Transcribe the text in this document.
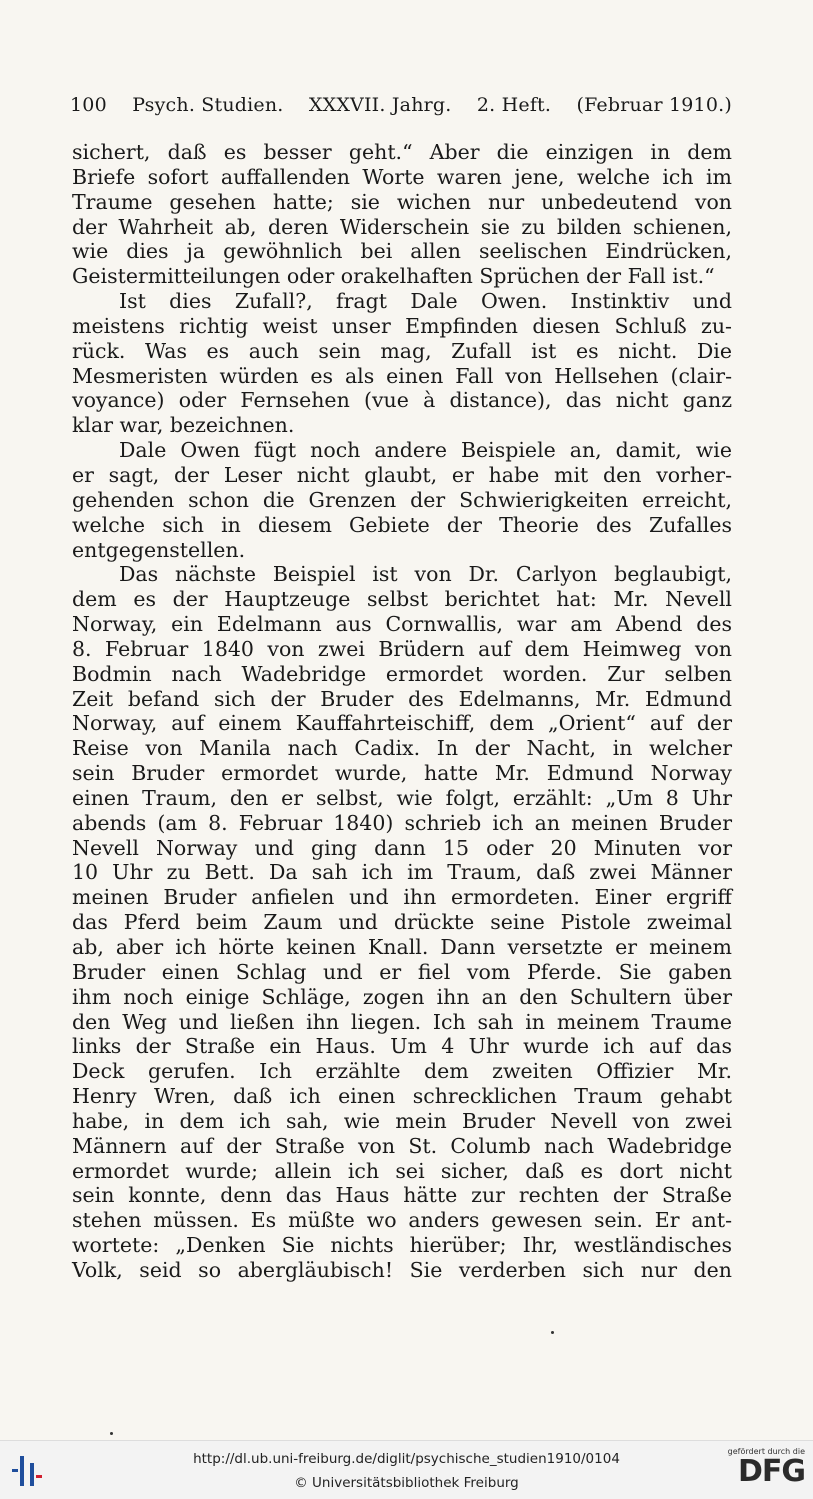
100 Psych. Studien. XXXVII. Jahrg. 2. Heft. (Februar 1910.)
sichert, daß es besser geht.“ Aber die einzigen in dem
Briefe sofort auffallenden Worte waren jene, welche ich im
Traume gesehen hatte; sie wichen nur unbedeutend von
der Wahrheit ab, deren Widerschein sie zu bilden schienen,
wie dies ja gewöhnlich bei allen seelischen Eindrücken,
Geistermitteilungen oder orakelhaften Sprüchen der Fall ist.“
Ist dies Zufall?, fragt Dale Owen. Instinktiv und
meistens richtig weist unser Empfinden diesen Schluß zu-
rück. Was es auch sein mag, Zufall ist es nicht. Die
Mesmeristen würden es als einen Fall von Hellsehen (clair-
voyance) oder Fernsehen (vue à distance), das nicht ganz
klar war, bezeichnen.
Dale Owen fügt noch andere Beispiele an, damit, wie
er sagt, der Leser nicht glaubt, er habe mit den vorher-
gehenden schon die Grenzen der Schwierigkeiten erreicht,
welche sich in diesem Gebiete der Theorie des Zufalles
entgegenstellen.
Das nächste Beispiel ist von Dr. Carlyon beglaubigt,
dem es der Hauptzeuge selbst berichtet hat: Mr. Nevell
Norway, ein Edelmann aus Cornwallis, war am Abend des
8. Februar 1840 von zwei Brüdern auf dem Heimweg von
Bodmin nach Wadebridge ermordet worden. Zur selben
Zeit befand sich der Bruder des Edelmanns, Mr. Edmund
Norway, auf einem Kauffahrteischiff, dem „Orient“ auf der
Reise von Manila nach Cadix. In der Nacht, in welcher
sein Bruder ermordet wurde, hatte Mr. Edmund Norway
einen Traum, den er selbst, wie folgt, erzählt: „Um 8 Uhr
abends (am 8. Februar 1840) schrieb ich an meinen Bruder
Nevell Norway und ging dann 15 oder 20 Minuten vor
10 Uhr zu Bett. Da sah ich im Traum, daß zwei Männer
meinen Bruder anfielen und ihn ermordeten. Einer ergriff
das Pferd beim Zaum und drückte seine Pistole zweimal
ab, aber ich hörte keinen Knall. Dann versetzte er meinem
Bruder einen Schlag und er fiel vom Pferde. Sie gaben
ihm noch einige Schläge, zogen ihn an den Schultern über
den Weg und ließen ihn liegen. Ich sah in meinem Traume
links der Straße ein Haus. Um 4 Uhr wurde ich auf das
Deck gerufen. Ich erzählte dem zweiten Offizier Mr.
Henry Wren, daß ich einen schrecklichen Traum gehabt
habe, in dem ich sah, wie mein Bruder Nevell von zwei
Männern auf der Straße von St. Columb nach Wadebridge
ermordet wurde; allein ich sei sicher, daß es dort nicht
sein konnte, denn das Haus hätte zur rechten der Straße
stehen müssen. Es müßte wo anders gewesen sein. Er ant-
wortete: „Denken Sie nichts hierüber; Ihr, westländisches
Volk, seid so abergläubisch! Sie verderben sich nur den
http://dl.ub.uni-freiburg.de/diglit/psychische_studien1910/0104
© Universitätsbibliothek Freiburg
gefördert durch die
DFG
